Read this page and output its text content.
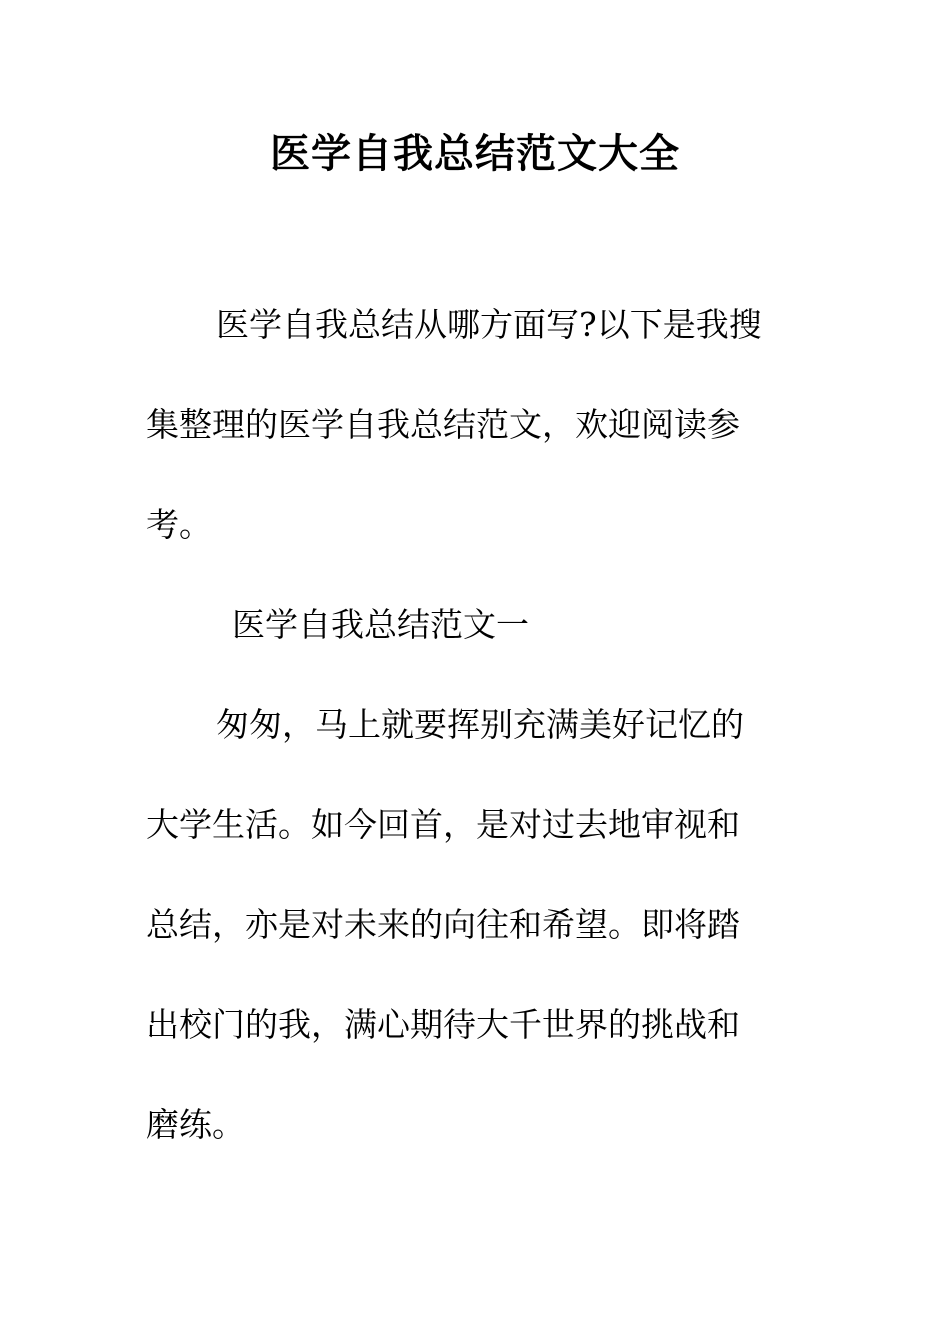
医学自我总结范文大全
医学自我总结从哪方面写?以下是我搜
集整理的医学自我总结范文，欢迎阅读参
考。
医学自我总结范文一
匆匆，马上就要挥别充满美好记忆的
大学生活。如今回首，是对过去地审视和
总结，亦是对未来的向往和希望。即将踏
出校门的我，满心期待大千世界的挑战和
磨练。
